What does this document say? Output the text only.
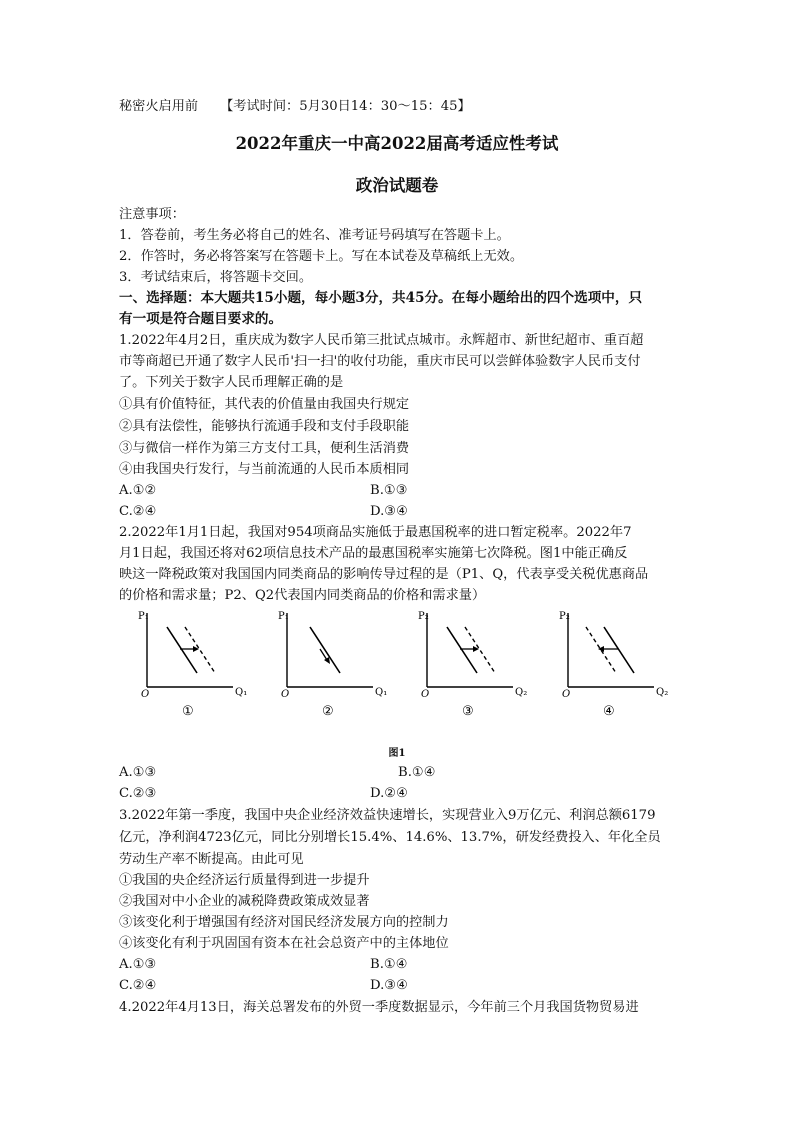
秘密火启用前 【考试时间：5月30日14：30～15：45】
2022年重庆一中高2022届高考适应性考试
政治试题卷
注意事项：
1．答卷前，考生务必将自己的姓名、准考证号码填写在答题卡上。
2．作答时，务必将答案写在答题卡上。写在本试卷及草稿纸上无效。
3．考试结束后，将答题卡交回。
一、选择题：本大题共15小题，每小题3分，共45分。在每小题给出的四个选项中，只
有一项是符合题目要求的。
1.2022年4月2日，重庆成为数字人民币第三批试点城市。永辉超市、新世纪超市、重百超
市等商超已开通了数字人民币'扫一扫'的收付功能，重庆市民可以尝鲜体验数字人民币支付
了。下列关于数字人民币理解正确的是
①具有价值特征，其代表的价值量由我国央行规定
②具有法偿性，能够执行流通手段和支付手段职能
③与微信一样作为第三方支付工具，便利生活消费
④由我国央行发行，与当前流通的人民币本质相同
A.①②	B.①③
C.②④	D.③④
2.2022年1月1日起，我国对954项商品实施低于最惠国税率的进口暂定税率。2022年7
月1日起，我国还将对62项信息技术产品的最惠国税率实施第七次降税。图1中能正确反
映这一降税政策对我国国内同类商品的影响传导过程的是（P1、Q，代表享受关税优惠商品
的价格和需求量；P2、Q2代表国内同类商品的价格和需求量）
P₁
Q₁
O
①
P₁
Q₁
O
②
P₂
Q₂
O
③
P₂
Q₂
O
④
图1
A.①③	B.①④
C.②③	D.②④
3.2022年第一季度，我国中央企业经济效益快速增长，实现营业入9万亿元、利润总额6179
亿元，净利润4723亿元，同比分别增长15.4%、14.6%、13.7%，研发经费投入、年化全员
劳动生产率不断提高。由此可见
①我国的央企经济运行质量得到进一步提升
②我国对中小企业的减税降费政策成效显著
③该变化利于增强国有经济对国民经济发展方向的控制力
④该变化有利于巩固国有资本在社会总资产中的主体地位
A.①③	B.①④
C.②④	D.③④
4.2022年4月13日，海关总署发布的外贸一季度数据显示，今年前三个月我国货物贸易进
